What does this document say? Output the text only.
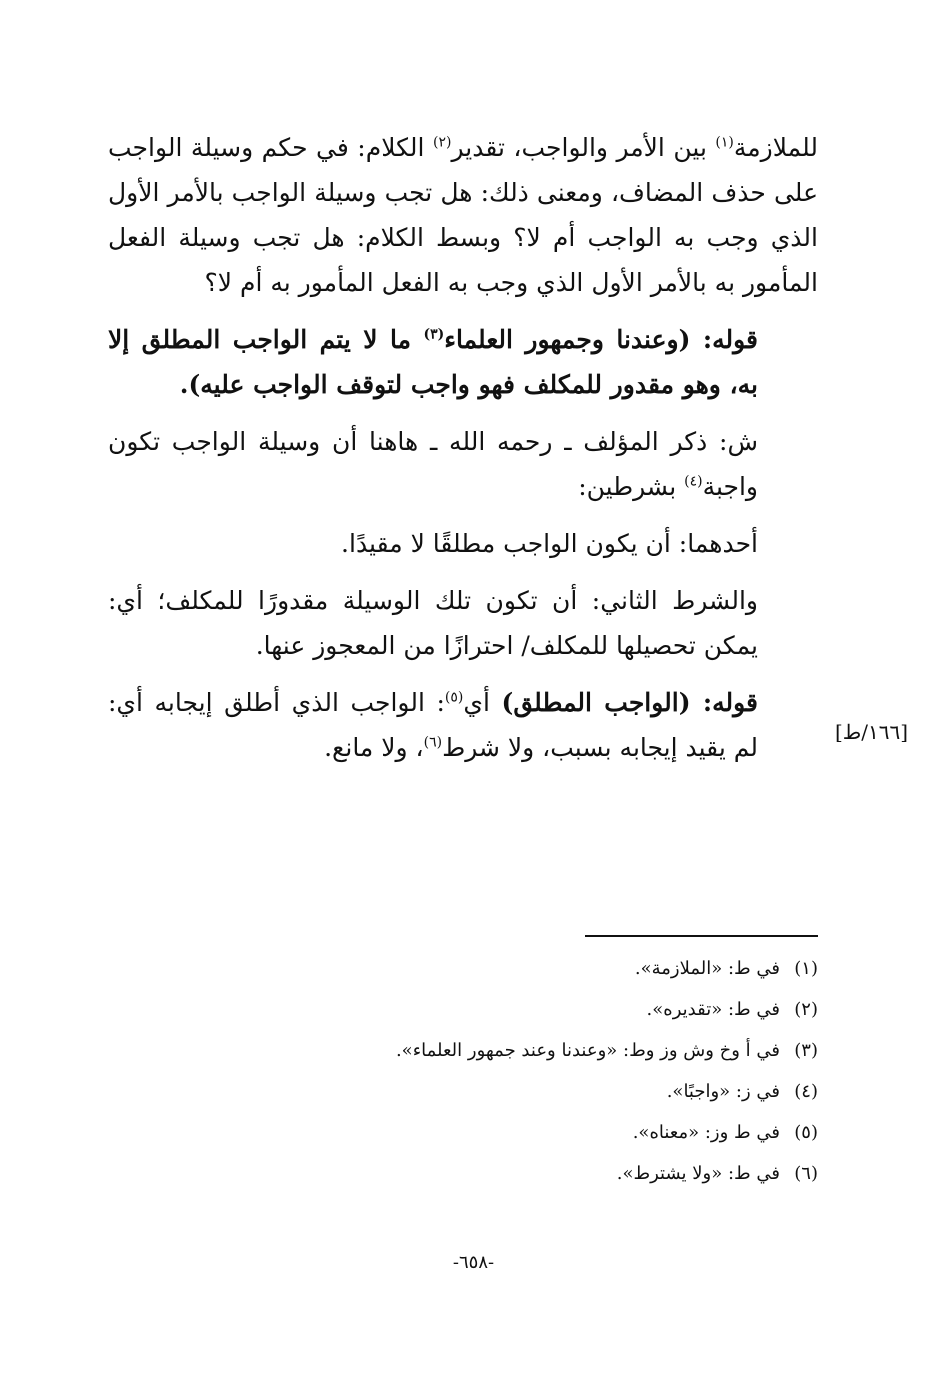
للملازمة$^{(١)}$ بين الأمر والواجب، تقدير$^{(٢)}$ الكلام: في حكم وسيلة الواجب على حذف المضاف، ومعنى ذلك: هل تجب وسيلة الواجب بالأمر الأول الذي وجب به الواجب أم لا؟ وبسط الكلام: هل تجب وسيلة الفعل المأمور به بالأمر الأول الذي وجب به الفعل المأمور به أم لا؟

قوله: (وعندنا وجمهور العلماء$^{(٣)}$ ما لا يتم الواجب المطلق إلا به، وهو مقدور للمكلف فهو واجب لتوقف الواجب عليه).

ش: ذكر المؤلف ـ رحمه الله ـ هاهنا أن وسيلة الواجب تكون واجبة$^{(٤)}$ بشرطين:

أحدهما: أن يكون الواجب مطلقًا لا مقيدًا.

والشرط الثاني: أن تكون تلك الوسيلة مقدورًا للمكلف؛ أي: يمكن تحصيلها للمكلف/ احترازًا من المعجوز عنها.

قوله: (الواجب المطلق) أي$^{(٥)}$: الواجب الذي أطلق إيجابه أي: لم يقيد إيجابه بسبب، ولا شرط$^{(٦)}$، ولا مانع.

[١٦٦/ط]
(١)في ط: «الملازمة».
(٢)في ط: «تقديره».
(٣)في أ وخ وش وز وط: «وعندنا وعند جمهور العلماء».
(٤)في ز: «واجبًا».
(٥)في ط وز: «معناه».
(٦)في ط: «ولا يشترط».
-٦٥٨-
